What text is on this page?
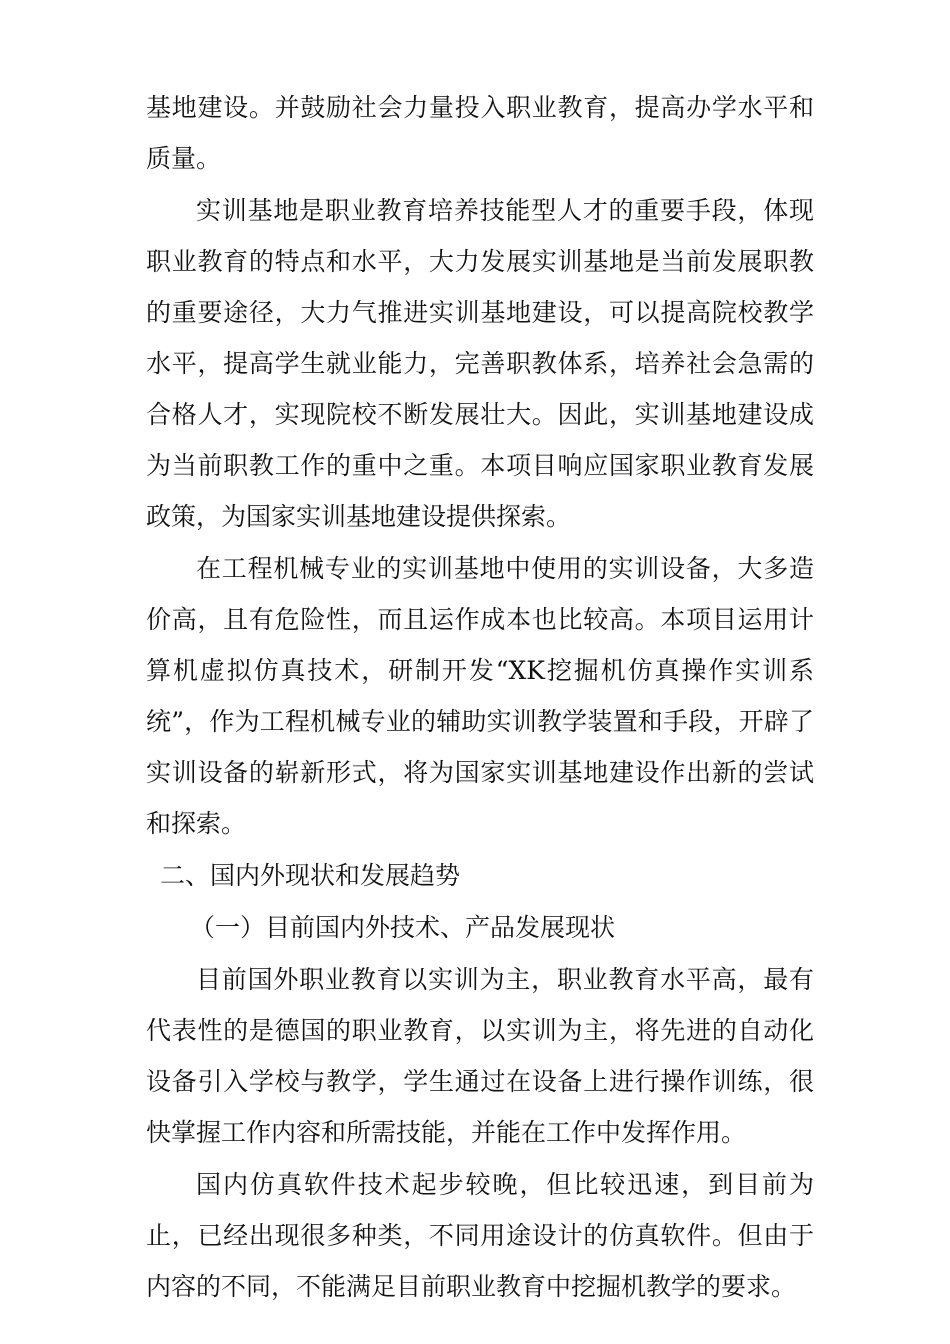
基地建设。并鼓励社会力量投入职业教育，提高办学水平和质量。

实训基地是职业教育培养技能型人才的重要手段，体现职业教育的特点和水平，大力发展实训基地是当前发展职教的重要途径，大力气推进实训基地建设，可以提高院校教学水平，提高学生就业能力，完善职教体系，培养社会急需的合格人才，实现院校不断发展壮大。因此，实训基地建设成为当前职教工作的重中之重。本项目响应国家职业教育发展政策，为国家实训基地建设提供探索。

在工程机械专业的实训基地中使用的实训设备，大多造价高，且有危险性，而且运作成本也比较高。本项目运用计算机虚拟仿真技术，研制开发“XK挖掘机仿真操作实训系统”，作为工程机械专业的辅助实训教学装置和手段，开辟了实训设备的崭新形式，将为国家实训基地建设作出新的尝试和探索。

二、国内外现状和发展趋势

（一）目前国内外技术、产品发展现状

目前国外职业教育以实训为主，职业教育水平高，最有代表性的是德国的职业教育，以实训为主，将先进的自动化设备引入学校与教学，学生通过在设备上进行操作训练，很快掌握工作内容和所需技能，并能在工作中发挥作用。

国内仿真软件技术起步较晚，但比较迅速，到目前为止，已经出现很多种类，不同用途设计的仿真软件。但由于内容的不同，不能满足目前职业教育中挖掘机教学的要求。
